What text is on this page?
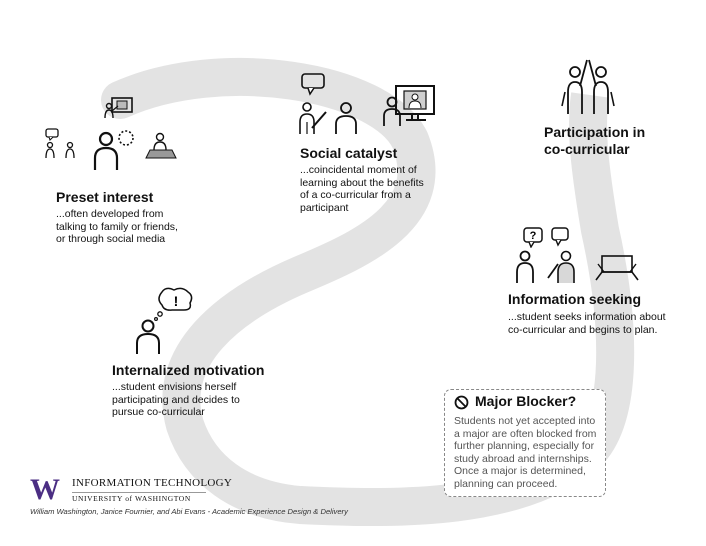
?
!
Preset interest
...often developed from talking to family or friends, or through social media
Social catalyst
...coincidental moment of learning about the benefits of a co-curricular from a participant
Participation in co-curricular
Information seeking
...student seeks information about co-curricular and begins to plan.
Internalized motivation
...student envisions herself participating and decides to pursue co-curricular
Major Blocker?
Students not yet accepted into a major are often blocked from further planning, especially for study abroad and internships. Once a major is determined, planning can proceed.
W INFORMATION TECHNOLOGY
UNIVERSITY of WASHINGTON
William Washington, Janice Fournier, and Abi Evans - Academic Experience Design & Delivery
